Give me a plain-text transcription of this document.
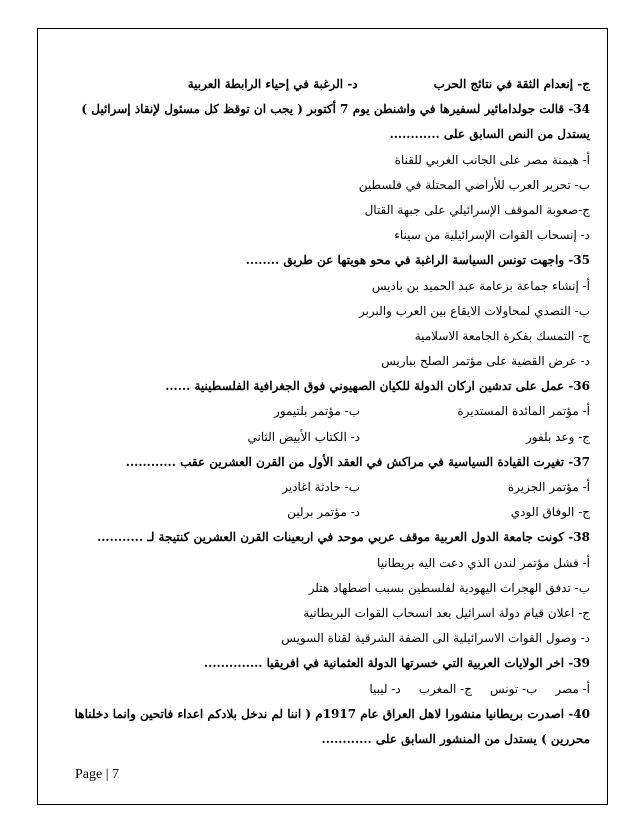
ج- إنعدام الثقة في نتائج الحربد- الرغبة في إحياء الرابطة العربية
34- قالت جولدامائير لسفيرها في واشنطن يوم 7 أكتوبر ( يجب ان توقظ كل مسئول لإنقاذ إسرائيل )
يستدل من النص السابق على ............
أ- هيمنة مصر على الجانب الغربي للقناة
ب- تحرير العرب للأراضي المحتلة في فلسطين
ج-صعوبة الموقف الإسرائيلي على جبهة القتال
د- إنسحاب القوات الإسرائيلية من سيناء
35- واجهت تونس السياسة الراغبة في محو هويتها عن طريق ........
أ- إنشاء جماعة بزعامة عبد الحميد بن باديس
ب- التصدي لمحاولات الايقاع بين العرب والبربر
ج- التمسك بفكرة الجامعة الاسلامية
د- عرض القضية على مؤتمر الصلح بباريس
36- عمل على تدشين اركان الدولة للكيان الصهيوني فوق الجغرافية الفلسطينية ......
أ- مؤتمر المائدة المستديرة
ب- مؤتمر بلتيمور
ج- وعد بلفور
د- الكتاب الأبيض الثاني
37- تغيرت القيادة السياسية في مراكش في العقد الأول من القرن العشرين عقب ............
أ- مؤتمر الجزيرة
ب- حادثة اغادير
ج- الوفاق الودي
د- مؤتمر برلين
38- كونت جامعة الدول العربية موقف عربي موحد في اربعينات القرن العشرين كنتيجة لـ ...........
أ- فشل مؤتمر لندن الذي دعت اليه بريطانيا
ب- تدفق الهجرات اليهودية لفلسطين بسبب اضطهاد هتلر
ج- اعلان قيام دولة اسرائيل بعد انسحاب القوات البريطانية
د- وصول القوات الاسرائيلية الى الضفة الشرقية لقناة السويس
39- اخر الولايات العربية التي خسرتها الدولة العثمانية في افريقيا ..............
أ- مصرب- تونسج- المغربد- ليبيا
40- اصدرت بريطانيا منشورا لاهل العراق عام 1917م ( اننا لم ندخل بلادكم اعداء فاتحين وانما دخلناها محررين ) يستدل من المنشور السابق على ............
Page | 7
